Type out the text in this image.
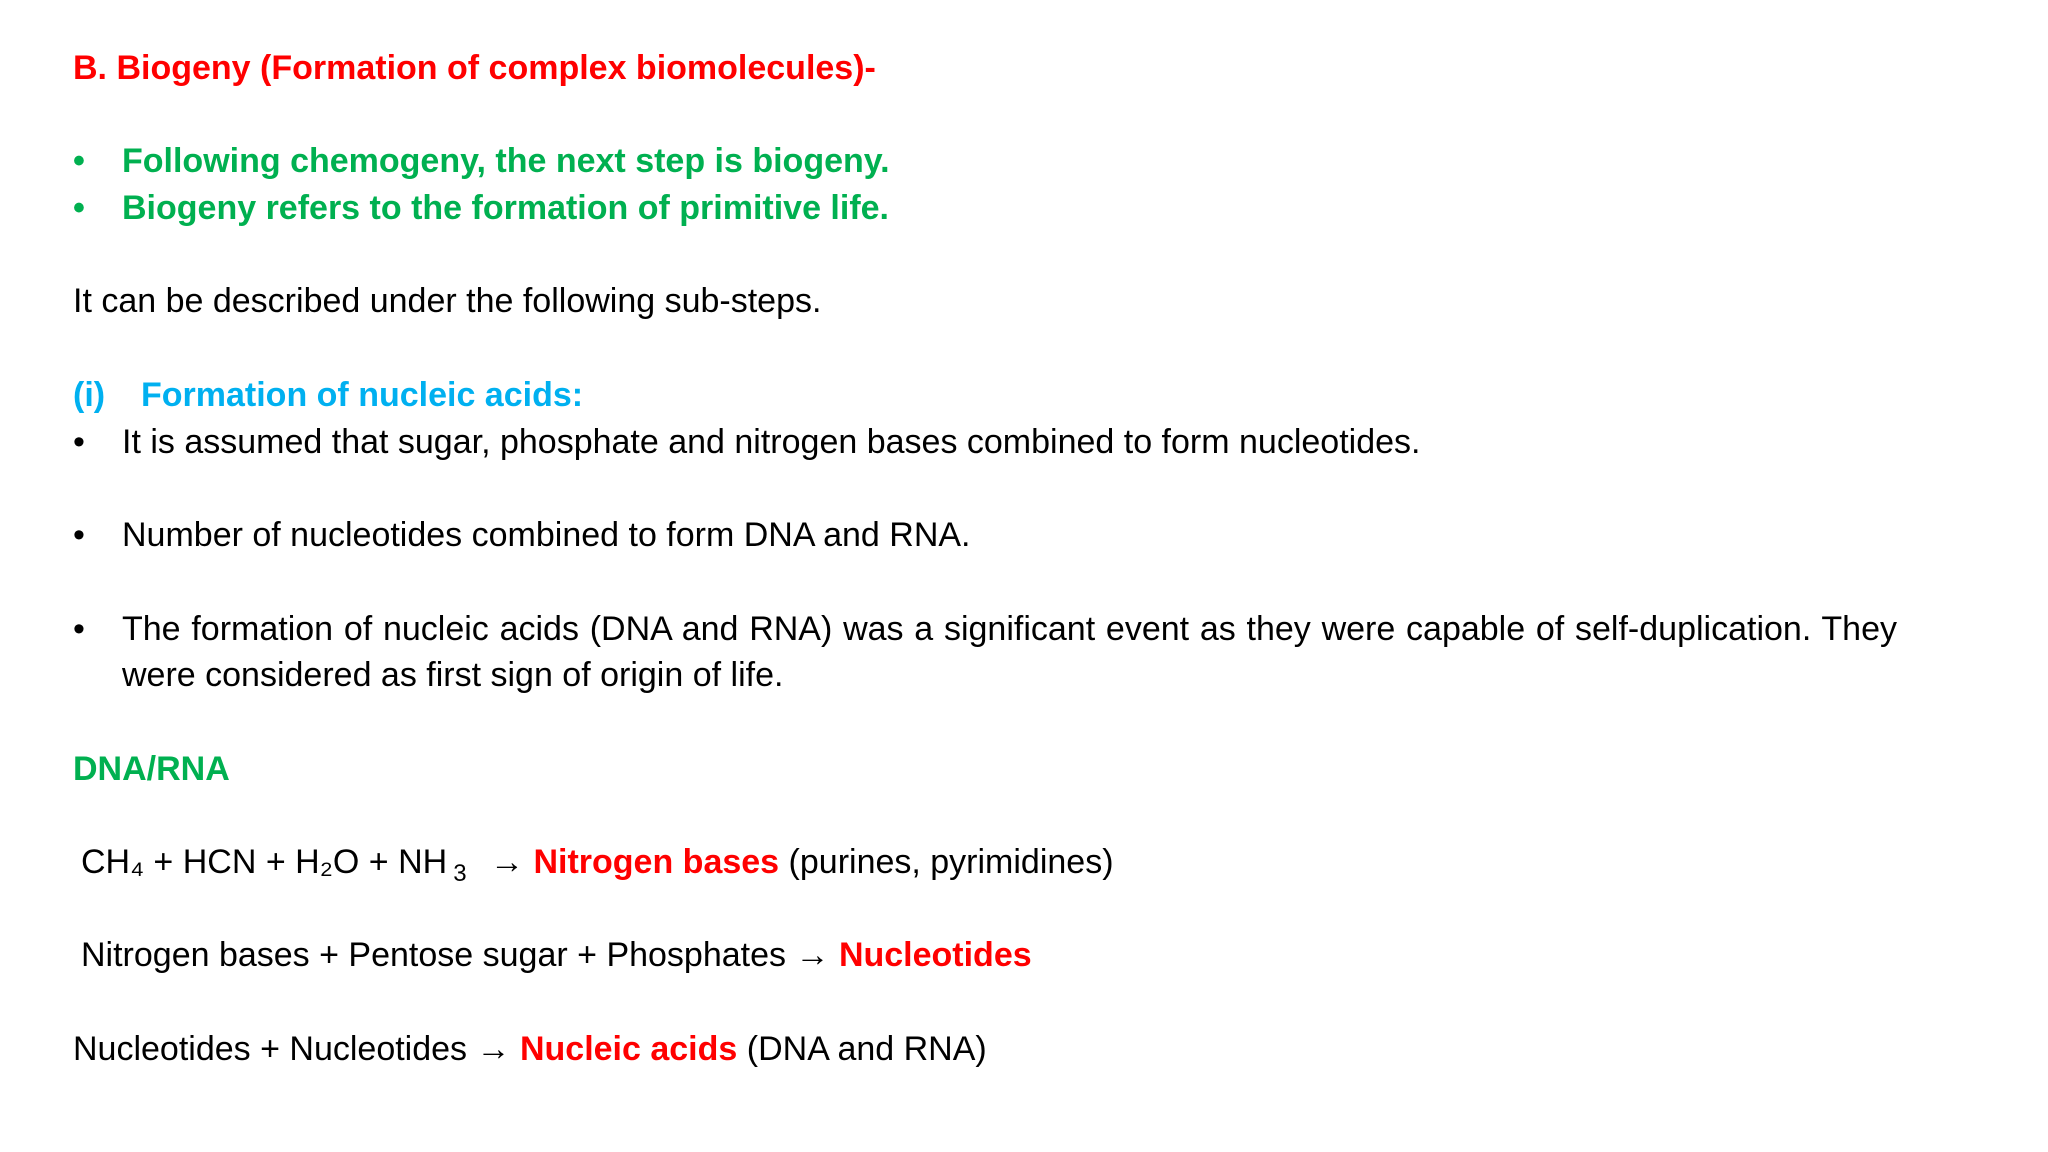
B. Biogeny (Formation of complex biomolecules)-
•	Following chemogeny, the next step is biogeny.
•	Biogeny refers to the formation of primitive life.
It can be described under the following sub-steps.
(i) Formation of nucleic acids:
•	It is assumed that sugar, phosphate and nitrogen bases combined to form nucleotides.
•	Number of nucleotides combined to form DNA and RNA.
•	The formation of nucleic acids (DNA and RNA) was a significant event as they were capable of self-duplication. They were considered as first sign of origin of life.
DNA/RNA
CH₄ + HCN + H₂O + NH $_3$ → Nitrogen bases (purines, pyrimidines)
Nitrogen bases + Pentose sugar + Phosphates → Nucleotides
Nucleotides + Nucleotides → Nucleic acids (DNA and RNA)
